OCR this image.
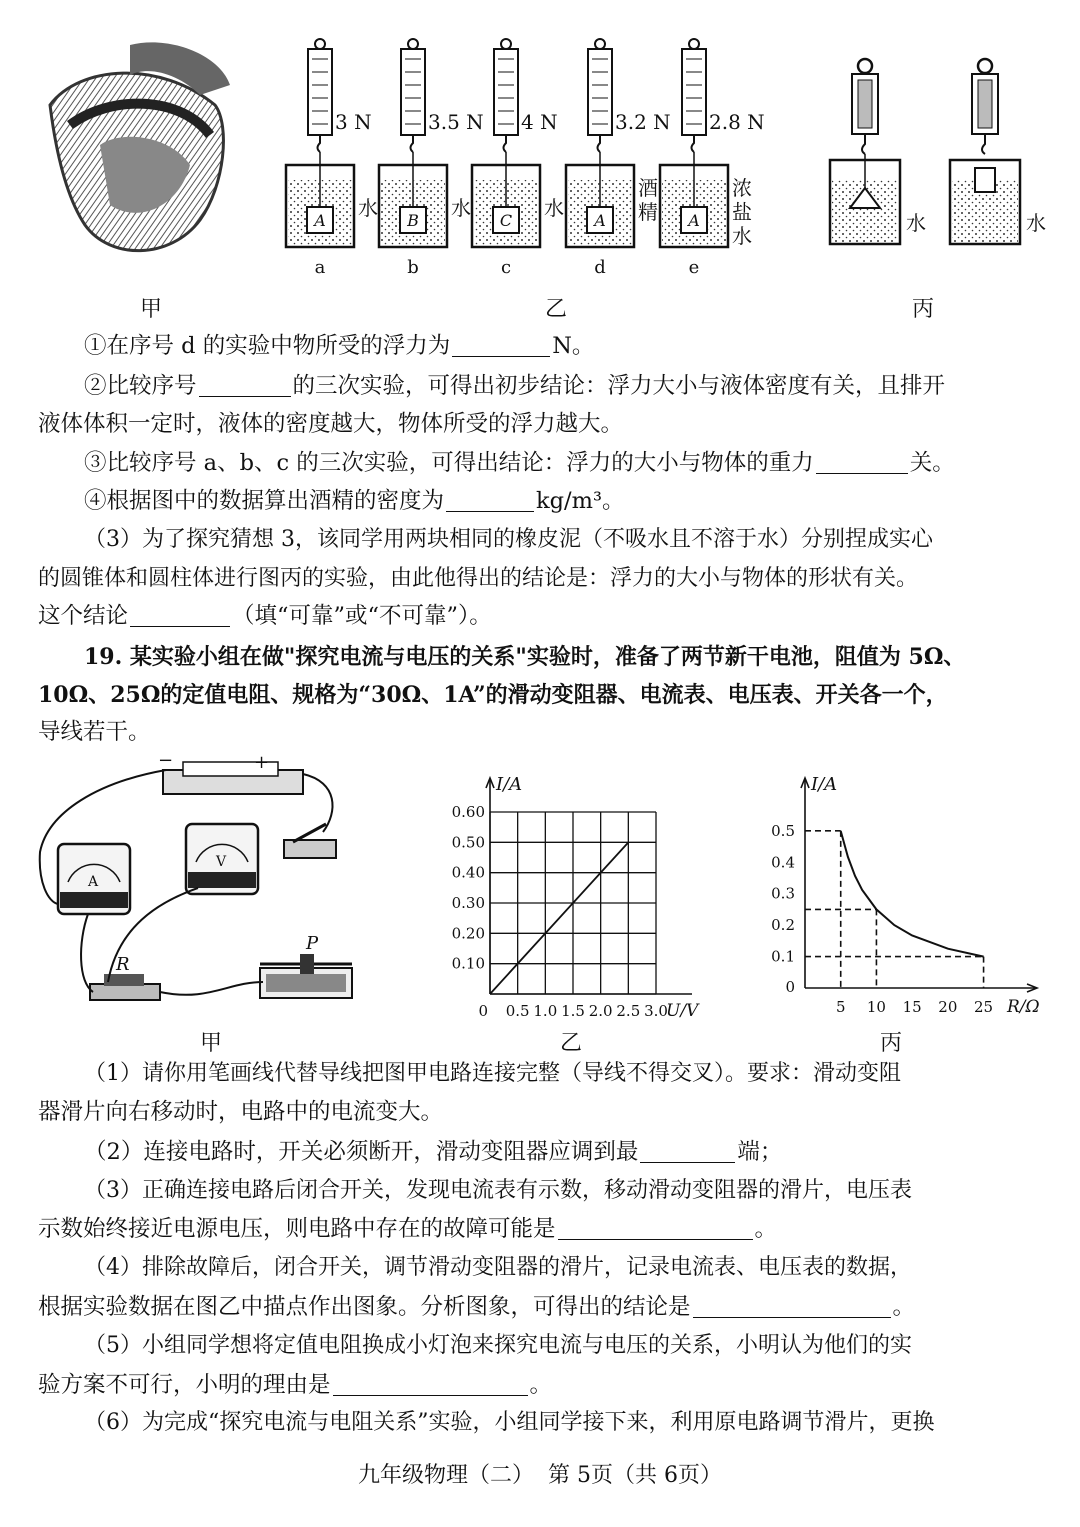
3 N
A
水
a
3.5 N
B
水
b
4 N
C
水
c
3.2 N
A
酒
精
d
2.8 N
A
浓
盐
水
e
水	水
甲	乙	丙
①在序号 d 的实验中物所受的浮力为	N。
②比较序号	的三次实验，可得出初步结论：浮力大小与液体密度有关，且排开
液体体积一定时，液体的密度越大，物体所受的浮力越大。
③比较序号 a、b、c 的三次实验，可得出结论：浮力的大小与物体的重力	关。
④根据图中的数据算出酒精的密度为	kg/m³。
（3）为了探究猜想 3，该同学用两块相同的橡皮泥（不吸水且不溶于水）分别捏成实心
的圆锥体和圆柱体进行图丙的实验，由此他得出的结论是：浮力的大小与物体的形状有关。
这个结论	（填“可靠”或“不可靠”）。
19. 某实验小组在做"探究电流与电压的关系"实验时，准备了两节新干电池，阻值为 5Ω、
10Ω、25Ω的定值电阻、规格为“30Ω、1A”的滑动变阻器、电流表、电压表、开关各一个，
导线若干。
−	+
A
V
R
P
0.10
0.20
0.30
0.40
0.50
0.60
0.5 1.0 1.5 2.0 2.5 3.0
0
I/A
U/V
0.1
0.2
0.3
0.4
0.5
5 10 15 20 25
0
I/A
R/Ω
甲	乙	丙
（1）请你用笔画线代替导线把图甲电路连接完整（导线不得交叉）。要求：滑动变阻
器滑片向右移动时，电路中的电流变大。
（2）连接电路时，开关必须断开，滑动变阻器应调到最	端；
（3）正确连接电路后闭合开关，发现电流表有示数，移动滑动变阻器的滑片，电压表
示数始终接近电源电压，则电路中存在的故障可能是	。
（4）排除故障后，闭合开关，调节滑动变阻器的滑片，记录电流表、电压表的数据，
根据实验数据在图乙中描点作出图象。分析图象，可得出的结论是	。
（5）小组同学想将定值电阻换成小灯泡来探究电流与电压的关系，小明认为他们的实
验方案不可行，小明的理由是	。
（6）为完成“探究电流与电阻关系”实验，小组同学接下来，利用原电路调节滑片，更换
九年级物理（二）  第 5页（共 6页）
